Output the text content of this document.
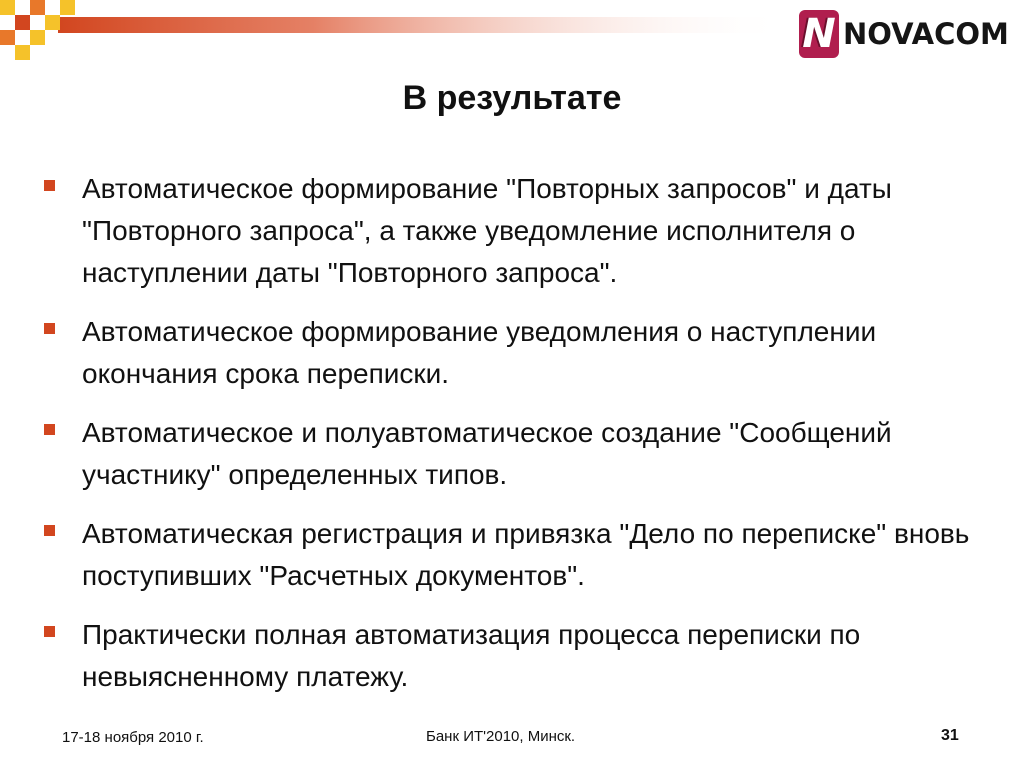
N NOVACOM
В результате
Автоматическое формирование "Повторных запросов" и даты "Повторного запроса", а также уведомление исполнителя о наступлении даты "Повторного запроса".
Автоматическое формирование уведомления о наступлении окончания срока переписки.
Автоматическое и полуавтоматическое создание "Сообщений участнику" определенных типов.
Автоматическая регистрация и привязка "Дело по переписке" вновь поступивших "Расчетных документов".
Практически полная автоматизация процесса переписки по невыясненному платежу.
17-18 ноября 2010 г.	Банк ИТ'2010, Минск.	31
